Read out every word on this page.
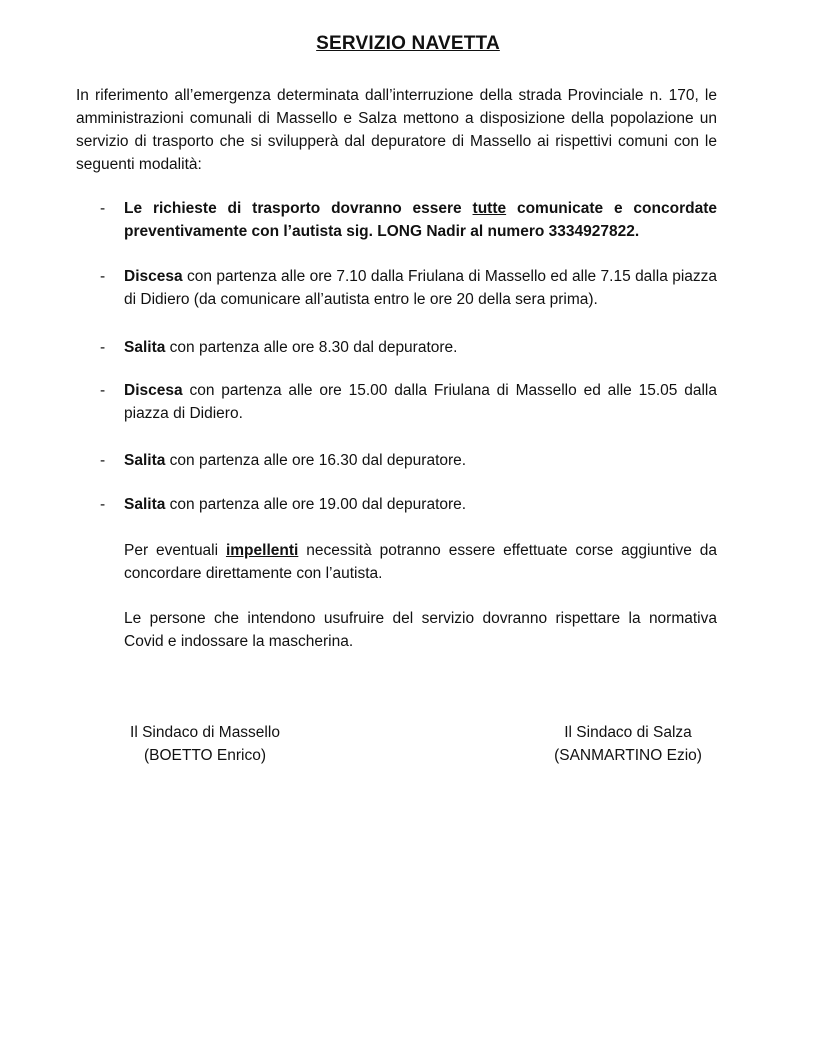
SERVIZIO NAVETTA
In riferimento all’emergenza determinata dall’interruzione della strada Provinciale n. 170, le amministrazioni comunali di Massello e Salza mettono a disposizione della popolazione un servizio di trasporto che si svilupperà dal depuratore di Massello ai rispettivi comuni con le seguenti modalità:
- Le richieste di trasporto dovranno essere tutte comunicate e concordate preventivamente con l’autista sig. LONG Nadir al numero 3334927822.
- Discesa con partenza alle ore 7.10 dalla Friulana di Massello ed alle 7.15 dalla piazza di Didiero (da comunicare all’autista entro le ore 20 della sera prima).
- Salita con partenza alle ore 8.30 dal depuratore.
- Discesa con partenza alle ore 15.00 dalla Friulana di Massello ed alle 15.05 dalla piazza di Didiero.
- Salita con partenza alle ore 16.30 dal depuratore.
- Salita con partenza alle ore 19.00 dal depuratore.
Per eventuali impellenti necessità potranno essere effettuate corse aggiuntive da concordare direttamente con l’autista.
Le persone che intendono usufruire del servizio dovranno rispettare la normativa Covid e indossare la mascherina.
Il Sindaco di Massello
(BOETTO Enrico)
Il Sindaco di Salza
(SANMARTINO Ezio)
